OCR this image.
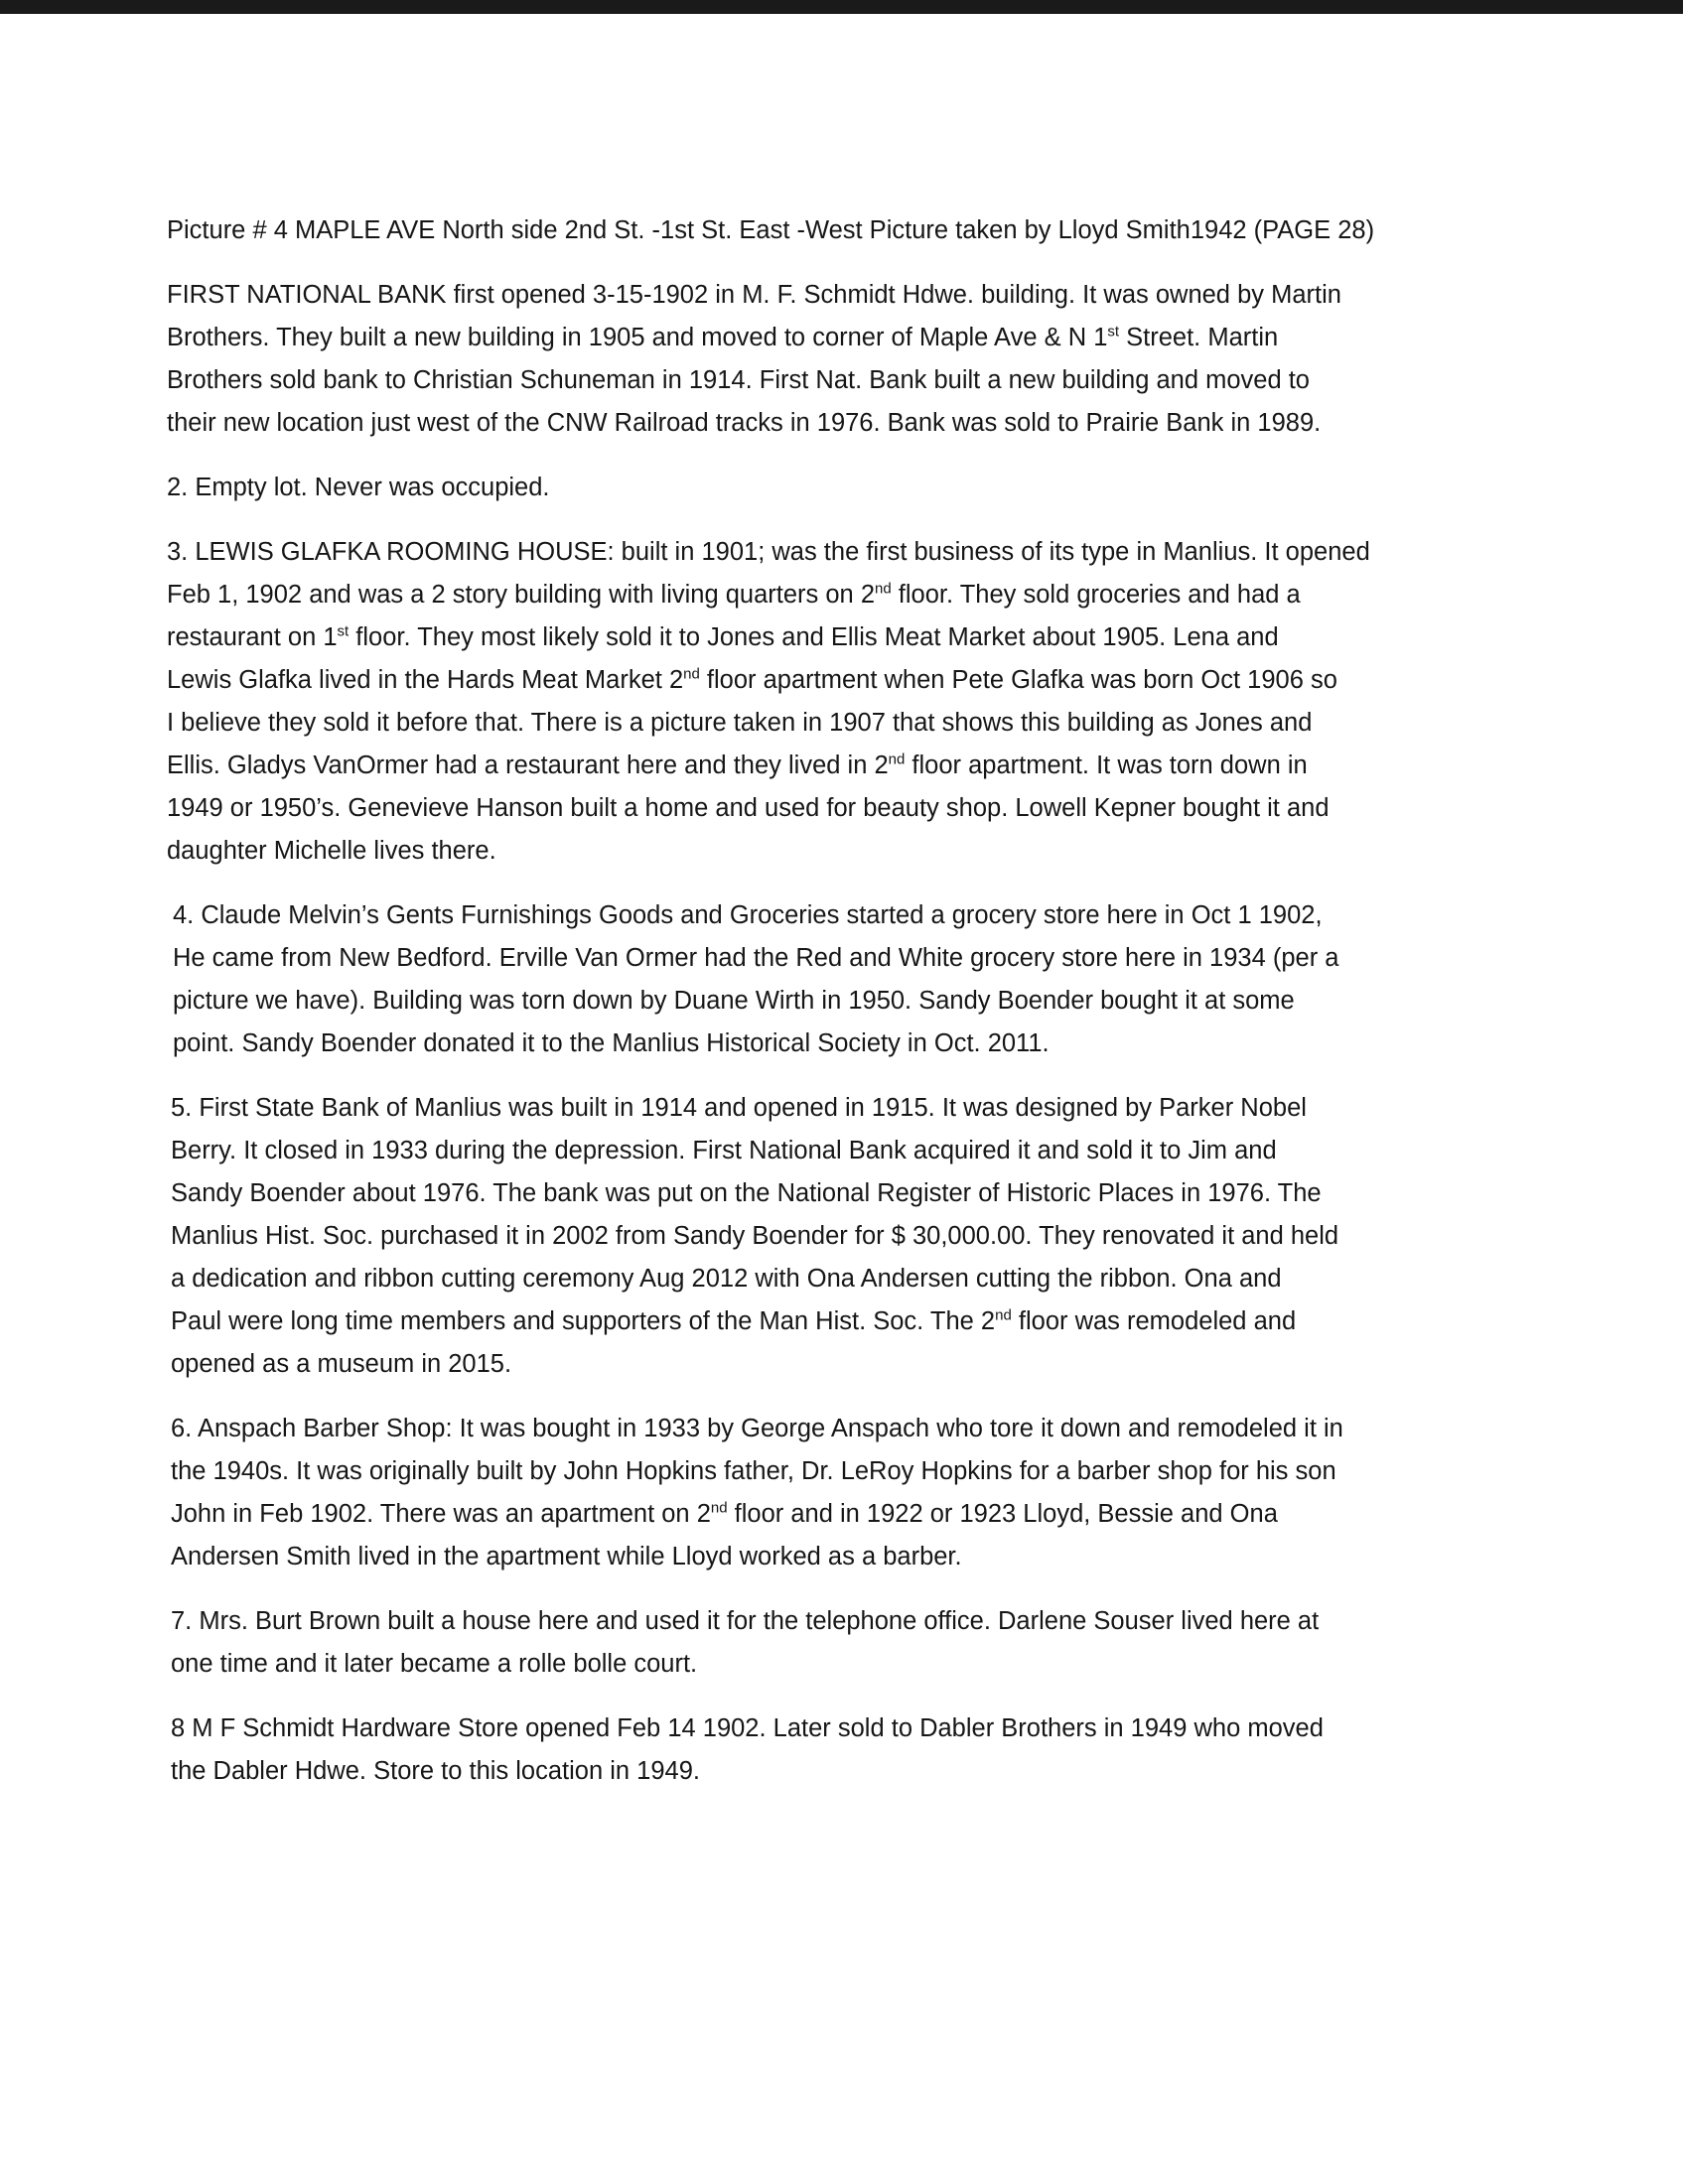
Picture # 4 MAPLE AVE North side 2nd St. -1st St. East -West Picture taken by Lloyd Smith1942 (PAGE 28)
FIRST NATIONAL BANK first opened 3-15-1902 in M. F. Schmidt Hdwe. building. It was owned by Martin
Brothers. They built a new building in 1905 and moved to corner of Maple Ave & N 1st Street. Martin
Brothers sold bank to Christian Schuneman in 1914. First Nat. Bank built a new building and moved to
their new location just west of the CNW Railroad tracks in 1976. Bank was sold to Prairie Bank in 1989.
2. Empty lot. Never was occupied.
3. LEWIS GLAFKA ROOMING HOUSE: built in 1901; was the first business of its type in Manlius. It opened
Feb 1, 1902 and was a 2 story building with living quarters on 2nd floor. They sold groceries and had a
restaurant on 1st floor. They most likely sold it to Jones and Ellis Meat Market about 1905. Lena and
Lewis Glafka lived in the Hards Meat Market 2nd floor apartment when Pete Glafka was born Oct 1906 so
I believe they sold it before that. There is a picture taken in 1907 that shows this building as Jones and
Ellis. Gladys VanOrmer had a restaurant here and they lived in 2nd floor apartment. It was torn down in
1949 or 1950’s. Genevieve Hanson built a home and used for beauty shop. Lowell Kepner bought it and
daughter Michelle lives there.
4. Claude Melvin’s Gents Furnishings Goods and Groceries started a grocery store here in Oct 1 1902,
He came from New Bedford. Erville Van Ormer had the Red and White grocery store here in 1934 (per a
picture we have). Building was torn down by Duane Wirth in 1950. Sandy Boender bought it at some
point. Sandy Boender donated it to the Manlius Historical Society in Oct. 2011.
5. First State Bank of Manlius was built in 1914 and opened in 1915. It was designed by Parker Nobel
Berry. It closed in 1933 during the depression. First National Bank acquired it and sold it to Jim and
Sandy Boender about 1976. The bank was put on the National Register of Historic Places in 1976. The
Manlius Hist. Soc. purchased it in 2002 from Sandy Boender for $ 30,000.00. They renovated it and held
a dedication and ribbon cutting ceremony Aug 2012 with Ona Andersen cutting the ribbon. Ona and
Paul were long time members and supporters of the Man Hist. Soc. The 2nd floor was remodeled and
opened as a museum in 2015.
6. Anspach Barber Shop: It was bought in 1933 by George Anspach who tore it down and remodeled it in
the 1940s. It was originally built by John Hopkins father, Dr. LeRoy Hopkins for a barber shop for his son
John in Feb 1902. There was an apartment on 2nd floor and in 1922 or 1923 Lloyd, Bessie and Ona
Andersen Smith lived in the apartment while Lloyd worked as a barber.
7. Mrs. Burt Brown built a house here and used it for the telephone office. Darlene Souser lived here at
one time and it later became a rolle bolle court.
8 M F Schmidt Hardware Store opened Feb 14 1902. Later sold to Dabler Brothers in 1949 who moved
the Dabler Hdwe. Store to this location in 1949.
